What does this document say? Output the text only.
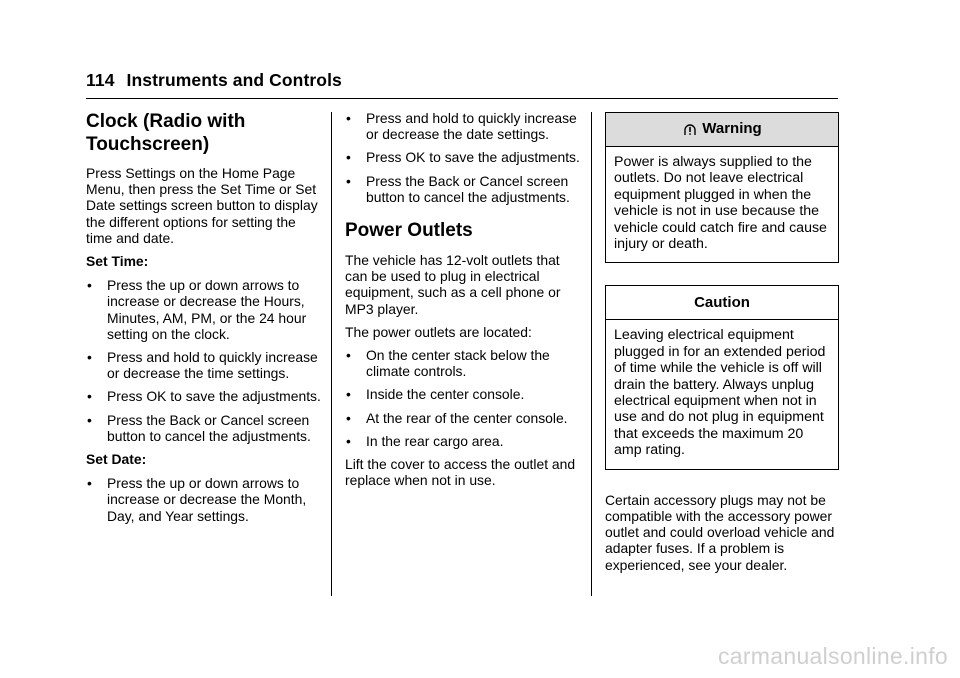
114 Instruments and Controls
Clock (Radio with Touchscreen)

Press Settings on the Home Page Menu, then press the Set Time or Set Date settings screen button to display the different options for setting the time and date.

Set Time:

• Press the up or down arrows to increase or decrease the Hours, Minutes, AM, PM, or the 24 hour setting on the clock.
• Press and hold to quickly increase or decrease the time settings.
• Press OK to save the adjustments.
• Press the Back or Cancel screen button to cancel the adjustments.

Set Date:

• Press the up or down arrows to increase or decrease the Month, Day, and Year settings.
• Press and hold to quickly increase or decrease the date settings.
• Press OK to save the adjustments.
• Press the Back or Cancel screen button to cancel the adjustments.
Power Outlets

The vehicle has 12-volt outlets that can be used to plug in electrical equipment, such as a cell phone or MP3 player.

The power outlets are located:

• On the center stack below the climate controls.
• Inside the center console.
• At the rear of the center console.
• In the rear cargo area.

Lift the cover to access the outlet and replace when not in use.

Warning
Power is always supplied to the outlets. Do not leave electrical equipment plugged in when the vehicle is not in use because the vehicle could catch fire and cause injury or death.
Caution
Leaving electrical equipment plugged in for an extended period of time while the vehicle is off will drain the battery. Always unplug electrical equipment when not in use and do not plug in equipment that exceeds the maximum 20 amp rating.

Certain accessory plugs may not be compatible with the accessory power outlet and could overload vehicle and adapter fuses. If a problem is experienced, see your dealer.

carmanualsonline.info
